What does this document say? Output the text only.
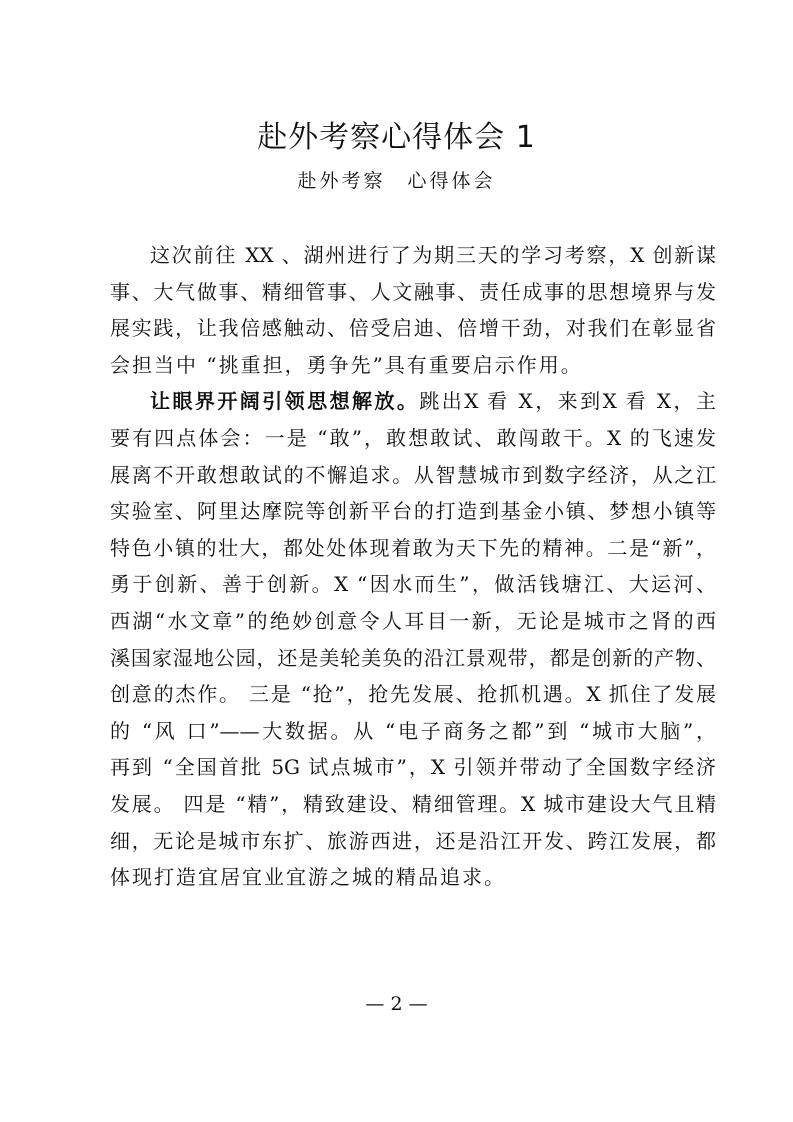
赴外考察心得体会 1
赴外考察　心得体会
这次前往 XX 、湖州进行了为期三天的学习考察，X 创新谋
事、大气做事、精细管事、人文融事、责任成事的思想境界与发
展实践，让我倍感触动、倍受启迪、倍增干劲，对我们在彰显省
会担当中 “挑重担，勇争先”具有重要启示作用。
让眼界开阔引领思想解放。跳出X 看 X，来到X 看 X，主
要有四点体会：一是 “敢”，敢想敢试、敢闯敢干。X 的飞速发
展离不开敢想敢试的不懈追求。从智慧城市到数字经济，从之江
实验室、阿里达摩院等创新平台的打造到基金小镇、梦想小镇等
特色小镇的壮大，都处处体现着敢为天下先的精神。二是“新”，
勇于创新、善于创新。X “因水而生”，做活钱塘江、大运河、
西湖“水文章”的绝妙创意令人耳目一新，无论是城市之肾的西
溪国家湿地公园，还是美轮美奂的沿江景观带，都是创新的产物、
创意的杰作。 三是 “抢”，抢先发展、抢抓机遇。X 抓住了发展
的 “风 口”——大数据。从 “电子商务之都”到 “城市大脑”，
再到 “全国首批 5G 试点城市”，X 引领并带动了全国数字经济
发展。 四是 “精”，精致建设、精细管理。X 城市建设大气且精
细，无论是城市东扩、旅游西进，还是沿江开发、跨江发展，都
体现打造宜居宜业宜游之城的精品追求。
— 2 —
